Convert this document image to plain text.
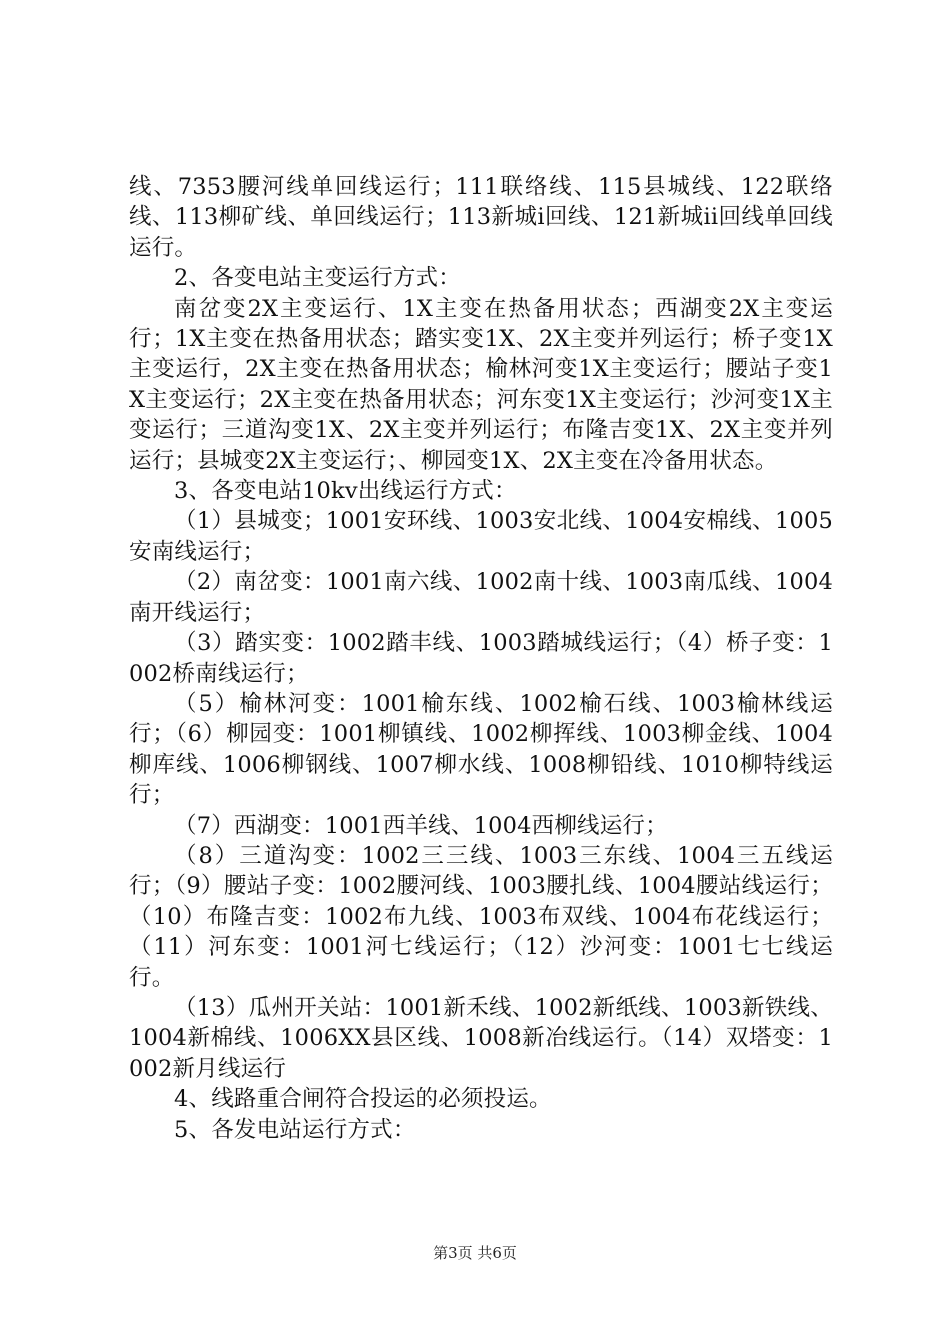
线、7353腰河线单回线运行；111联络线、115县城线、122联络线、113柳矿线、单回线运行；113新城i回线、121新城ii回线单回线运行。

2、各变电站主变运行方式：

南岔变2X主变运行、1X主变在热备用状态；西湖变2X主变运行；1X主变在热备用状态；踏实变1X、2X主变并列运行；桥子变1X主变运行，2X主变在热备用状态；榆林河变1X主变运行；腰站子变1X主变运行；2X主变在热备用状态；河东变1X主变运行；沙河变1X主变运行；三道沟变1X、2X主变并列运行；布隆吉变1X、2X主变并列运行；县城变2X主变运行；、柳园变1X、2X主变在冷备用状态。

3、各变电站10kv出线运行方式：

（1）县城变；1001安环线、1003安北线、1004安棉线、1005安南线运行；

（2）南岔变：1001南六线、1002南十线、1003南瓜线、1004南开线运行；

（3）踏实变：1002踏丰线、1003踏城线运行；（4）桥子变：1002桥南线运行；

（5）榆林河变：1001榆东线、1002榆石线、1003榆林线运行；（6）柳园变：1001柳镇线、1002柳挥线、1003柳金线、1004柳库线、1006柳钢线、1007柳水线、1008柳铅线、1010柳特线运行；

（7）西湖变：1001西羊线、1004西柳线运行；

（8）三道沟变：1002三三线、1003三东线、1004三五线运行；（9）腰站子变：1002腰河线、1003腰扎线、1004腰站线运行；（10）布隆吉变：1002布九线、1003布双线、1004布花线运行；（11）河东变：1001河七线运行；（12）沙河变：1001七七线运行。

（13）瓜州开关站：1001新禾线、1002新纸线、1003新铁线、1004新棉线、1006XX县区线、1008新冶线运行。（14）双塔变：1002新月线运行

4、线路重合闸符合投运的必须投运。

5、各发电站运行方式：

第3页 共6页
